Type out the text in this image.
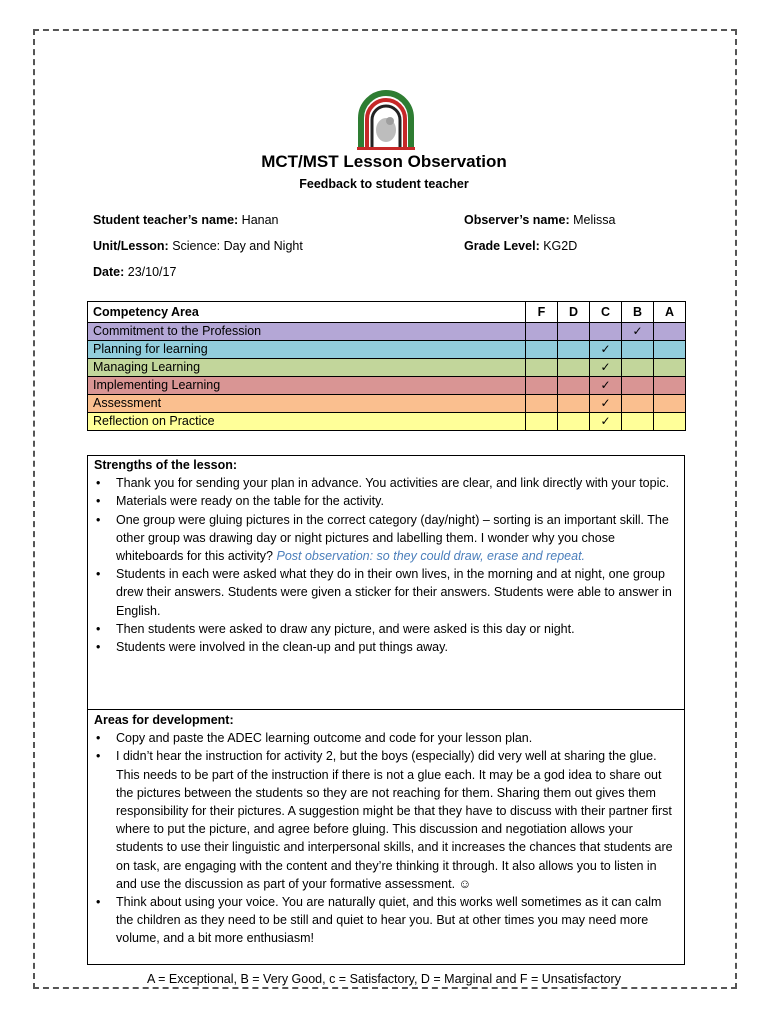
MCT/MST Lesson Observation
Feedback to student teacher
Student teacher’s name: Hanan	Observer’s name: Melissa
Unit/Lesson: Science: Day and Night	Grade Level: KG2D
Date: 23/10/17
Competency Area	F	D	C	B	A
Commitment to the Profession				✓	
Planning for learning			✓		
Managing Learning			✓		
Implementing Learning			✓		
Assessment			✓		
Reflection on Practice			✓		
Strengths of the lesson:
• Thank you for sending your plan in advance. You activities are clear, and link directly with your topic.
• Materials were ready on the table for the activity.
• One group were gluing pictures in the correct category (day/night) – sorting is an important skill. The other group was drawing day or night pictures and labelling them. I wonder why you chose whiteboards for this activity? Post observation: so they could draw, erase and repeat.
• Students in each were asked what they do in their own lives, in the morning and at night, one group drew their answers. Students were given a sticker for their answers. Students were able to answer in English.
• Then students were asked to draw any picture, and were asked is this day or night.
• Students were involved in the clean-up and put things away.
Areas for development:
• Copy and paste the ADEC learning outcome and code for your lesson plan.
• I didn’t hear the instruction for activity 2, but the boys (especially) did very well at sharing the glue. This needs to be part of the instruction if there is not a glue each. It may be a god idea to share out the pictures between the students so they are not reaching for them. Sharing them out gives them responsibility for their pictures. A suggestion might be that they have to discuss with their partner first where to put the picture, and agree before gluing. This discussion and negotiation allows your students to use their linguistic and interpersonal skills, and it increases the chances that students are on task, are engaging with the content and they’re thinking it through. It also allows you to listen in and use the discussion as part of your formative assessment. ☺
• Think about using your voice. You are naturally quiet, and this works well sometimes as it can calm the children as they need to be still and quiet to hear you. But at other times you may need more volume, and a bit more enthusiasm!
A = Exceptional, B = Very Good, c = Satisfactory, D = Marginal and F = Unsatisfactory
